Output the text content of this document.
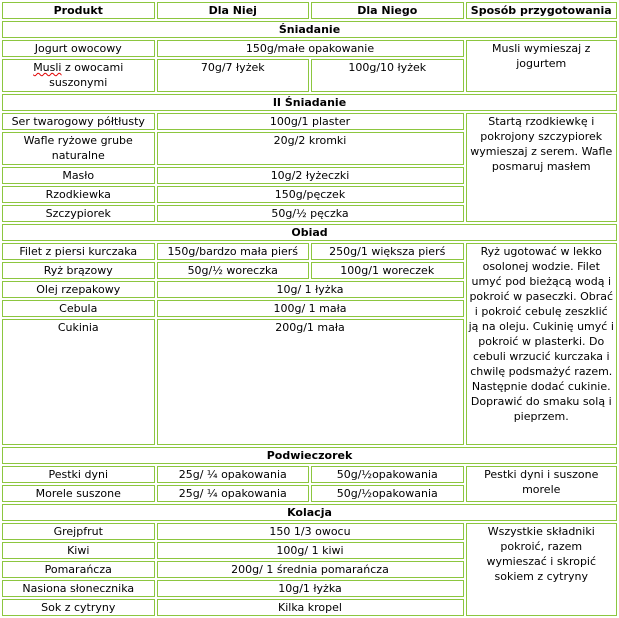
Produkt	Dla Niej	Dla Niego	Sposób przygotowania
Śniadanie			
Jogurt owocowy	150g/małe opakowanie		Musli wymieszaj z jogurtem
Musli z owocami suszonymi	70g/7 łyżek	100g/10 łyżek	
II Śniadanie			
Ser twarogowy półtłusty	100g/1 plaster		Startą rzodkiewkę i pokrojony szczypiorek wymieszaj z serem. Wafle posmaruj masłem
Wafle ryżowe grube naturalne	20g/2 kromki		
Masło	10g/2 łyżeczki		
Rzodkiewka	150g/pęczek		
Szczypiorek	50g/½ pęczka		
Obiad			
Filet z piersi kurczaka	150g/bardzo mała pierś	250g/1 większa pierś	Ryż ugotować w lekko osolonej wodzie. Filet umyć pod bieżącą wodą i pokroić w paseczki. Obrać i pokroić cebulę zeszklić ją na oleju. Cukinię umyć i pokroić w plasterki. Do cebuli wrzucić kurczaka i chwilę podsmażyć razem. Następnie dodać cukinie. Doprawić do smaku solą i pieprzem.
Ryż brązowy	50g/½ woreczka	100g/1 woreczek	
Olej rzepakowy	10g/ 1 łyżka		
Cebula	100g/ 1 mała		
Cukinia	200g/1 mała		
Podwieczorek			
Pestki dyni	25g/ ¼ opakowania	50g/½opakowania	Pestki dyni i suszone morele
Morele suszone	25g/ ¼ opakowania	50g/½opakowania	
Kolacja			
Grejpfrut	150 1/3 owocu		Wszystkie składniki pokroić, razem wymieszać i skropić sokiem z cytryny
Kiwi	100g/ 1 kiwi		
Pomarańcza	200g/ 1 średnia pomarańcza		
Nasiona słonecznika	10g/1 łyżka		
Sok z cytryny	Kilka kropel		
